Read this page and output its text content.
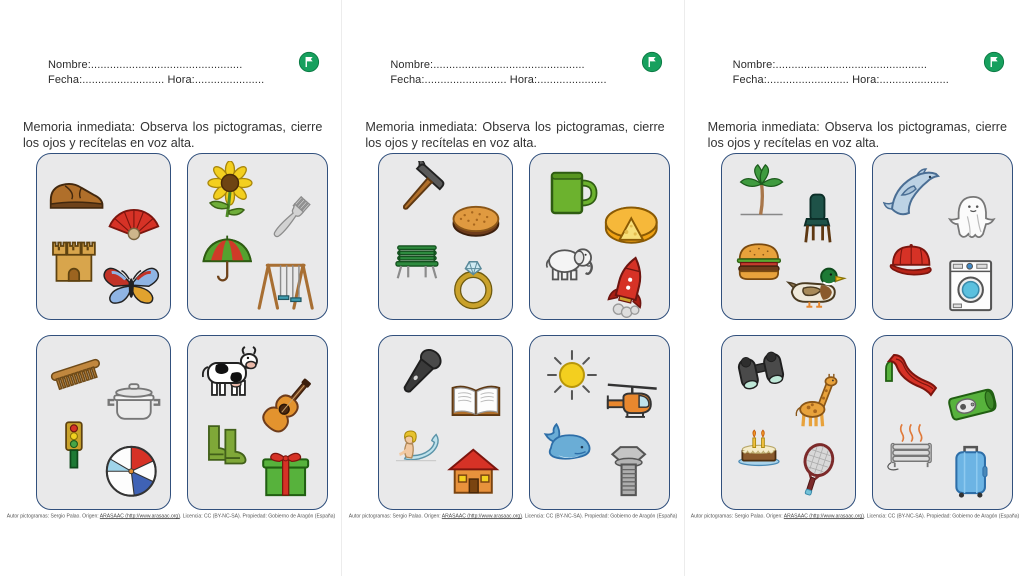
Nombre:................................................
Fecha:.......................... Hora:......................

Memoria inmediata: Observa los pictogramas, cierre los ojos y recítelas en voz alta.

Autor pictogramas: Sergio Palao. Origen: ARASAAC (http://www.arasaac.org). Licencia: CC (BY-NC-SA). Propiedad: Gobierno de Aragón (España)
Nombre:................................................
Fecha:.......................... Hora:......................

Memoria inmediata: Observa los pictogramas, cierre los ojos y recítelas en voz alta.

Autor pictogramas: Sergio Palao. Origen: ARASAAC (http://www.arasaac.org). Licencia: CC (BY-NC-SA). Propiedad: Gobierno de Aragón (España)
Nombre:................................................
Fecha:.......................... Hora:......................

Memoria inmediata: Observa los pictogramas, cierre los ojos y recítelas en voz alta.

Autor pictogramas: Sergio Palao. Origen: ARASAAC (http://www.arasaac.org). Licencia: CC (BY-NC-SA). Propiedad: Gobierno de Aragón (España)
